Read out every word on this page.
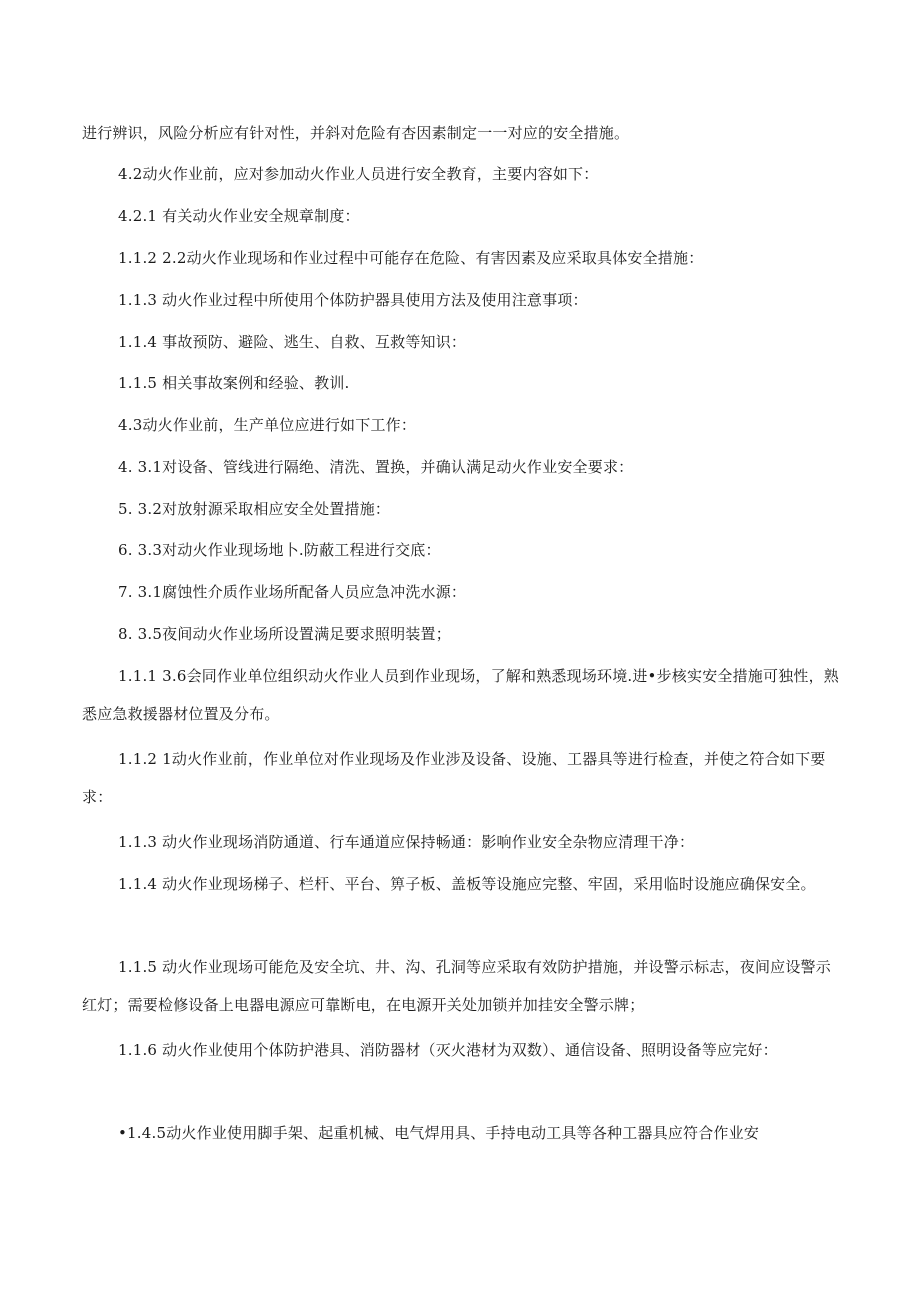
进行辨识，风险分析应有针对性，并斜对危险有杏因素制定一一对应的安全措施。

4.2动火作业前，应对参加动火作业人员进行安全教育，主要内容如下：

4.2.1 有关动火作业安全规章制度：

1.1.2 2.2动火作业现场和作业过程中可能存在危险、有害因素及应采取具体安全措施：

1.1.3 动火作业过程中所使用个体防护器具使用方法及使用注意事项：

1.1.4 事故预防、避险、逃生、自救、互救等知识：

1.1.5 相关事故案例和经验、教训.

4.3动火作业前，生产单位应进行如下工作：

4. 3.1对设备、管线进行隔绝、清洗、置换，并确认满足动火作业安全要求：

5. 3.2对放射源采取相应安全处置措施：

6. 3.3对动火作业现场地卜.防蔽工程进行交底：

7. 3.1腐蚀性介质作业场所配备人员应急冲洗水源：

8. 3.5夜间动火作业场所设置满足要求照明装置；

1.1.1 3.6会同作业单位组织动火作业人员到作业现场，了解和熟悉现场环境.进•步核实安全措施可独性，熟悉应急救援器材位置及分布。

1.1.2 1动火作业前，作业单位对作业现场及作业涉及设备、设施、工器具等进行检查，并使之符合如下要求：

1.1.3 动火作业现场消防通道、行车通道应保持畅通：影响作业安全杂物应清理干净：

1.1.4 动火作业现场梯子、栏杆、平台、箅子板、盖板等设施应完整、牢固，采用临时设施应确保安全。

1.1.5 动火作业现场可能危及安全坑、井、沟、孔洞等应采取有效防护措施，并设警示标志，夜间应设警示红灯；需要检修设备上电器电源应可靠断电，在电源开关处加锁并加挂安全警示牌；

1.1.6 动火作业使用个体防护港具、消防器材（灭火港材为双数）、通信设备、照明设备等应完好：

•1.4.5动火作业使用脚手架、起重机械、电气焊用具、手持电动工具等各种工器具应符合作业安
